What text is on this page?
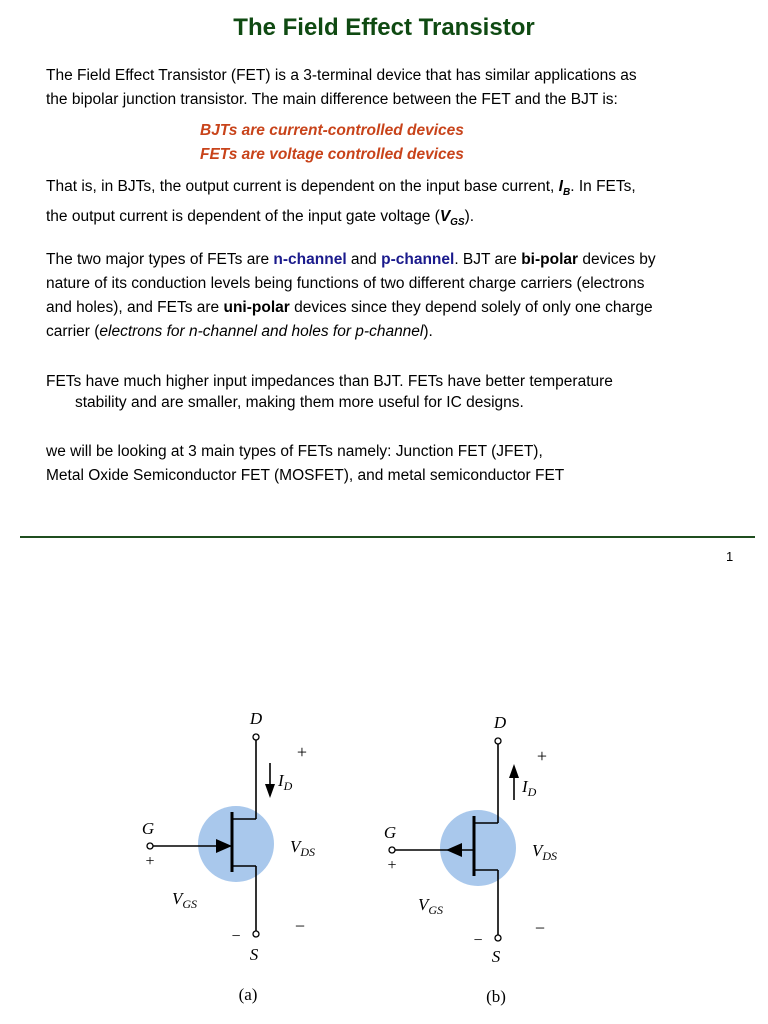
The Field Effect Transistor
The Field Effect Transistor (FET) is a 3-terminal device that has similar applications as
the bipolar junction transistor. The main difference between the FET and the BJT is:
BJTs are current-controlled devices
FETs are voltage controlled devices
That is, in BJTs, the output current is dependent on the input base current, $I_B$. In FETs,
the output current is dependent of the input gate voltage $(V_{GS})$.
The two major types of FETs are n-channel and p-channel. BJT are bi-polar devices by
nature of its conduction levels being functions of two different charge carriers (electrons
and holes), and FETs are uni-polar devices since they depend solely of only one charge
carrier (electrons for n-channel and holes for p-channel).
FETs have much higher input impedances than BJT. FETs have better temperature
stability and are smaller, making them more useful for IC designs.
we will be looking at 3 main types of FETs namely: Junction FET (JFET),
Metal Oxide Semiconductor FET (MOSFET), and metal semiconductor FET
1
D
S
−
G
+
$I_D$
+
$V_{DS}$
−
$V_{GS}$
(a)
D
S
−
G
+
$I_D$
+
$V_{DS}$
−
$V_{GS}$
(b)
